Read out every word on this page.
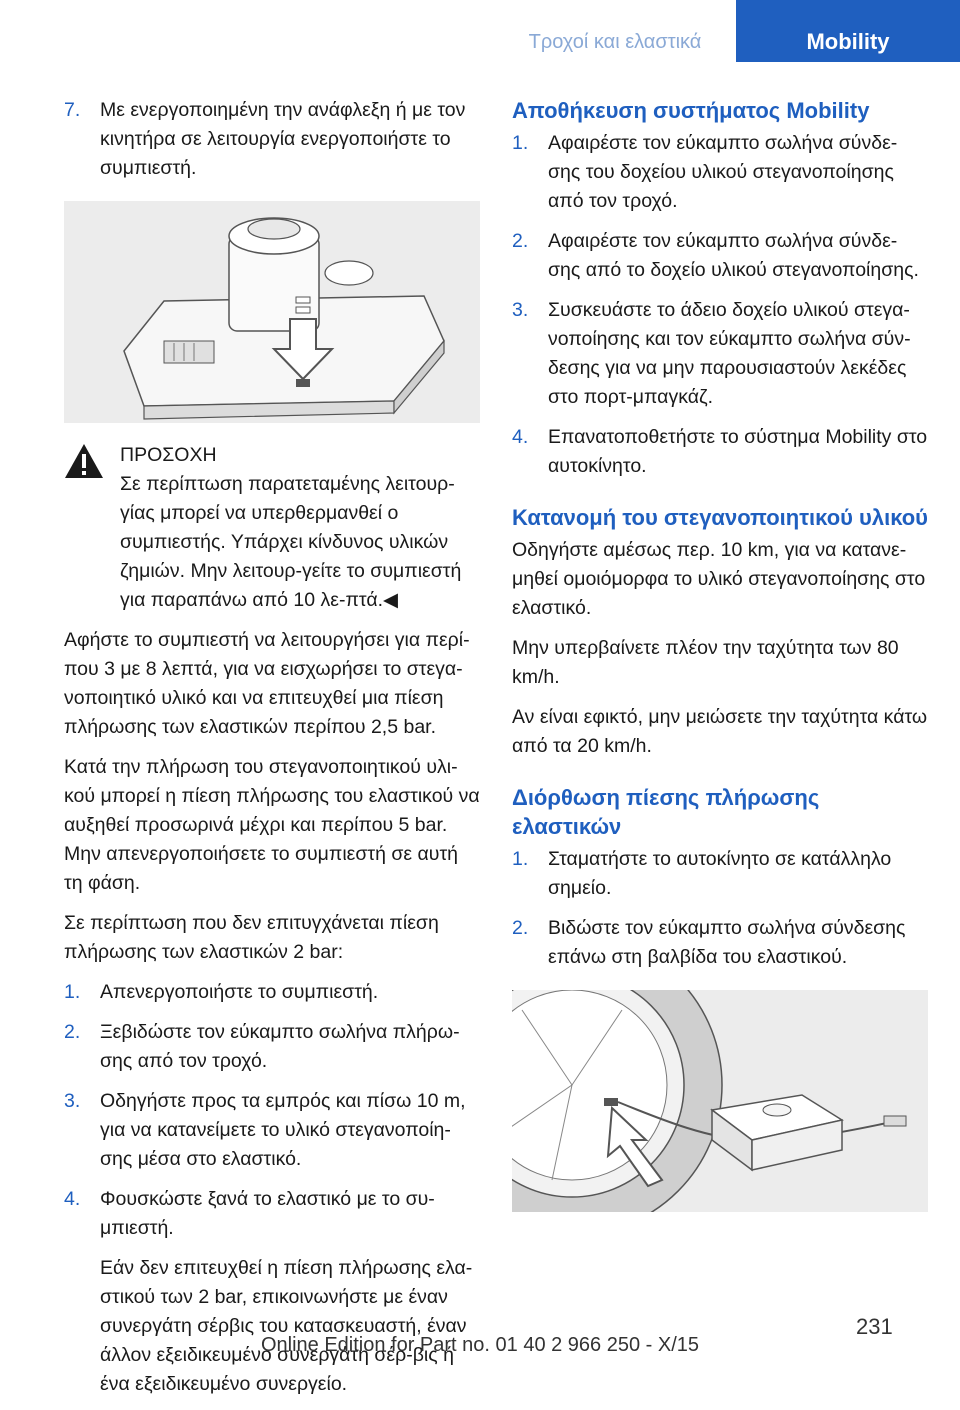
Τροχοί και ελαστικά	Mobility
7. Με ενεργοποιημένη την ανάφλεξη ή με τον κινητήρα σε λειτουργία ενεργοποιήστε το συμπιεστή.
ΠΡΟΣΟΧΗ
Σε περίπτωση παρατεταμένης λειτουρ‐γίας μπορεί να υπερθερμανθεί ο συμπιεστής. Υπάρχει κίνδυνος υλικών ζημιών. Μην λειτουρ‐γείτε το συμπιεστή για παραπάνω από 10 λε‐πτά.◀

Αφήστε το συμπιεστή να λειτουργήσει για περί‐που 3 με 8 λεπτά, για να εισχωρήσει το στεγα‐νοποιητικό υλικό και να επιτευχθεί μια πίεση πλήρωσης των ελαστικών περίπου 2,5 bar.

Κατά την πλήρωση του στεγανοποιητικού υλι‐κού μπορεί η πίεση πλήρωσης του ελαστικού να αυξηθεί προσωρινά μέχρι και περίπου 5 bar. Μην απενεργοποιήσετε το συμπιεστή σε αυτή τη φάση.

Σε περίπτωση που δεν επιτυγχάνεται πίεση πλήρωσης των ελαστικών 2 bar:

1. Απενεργοποιήστε το συμπιεστή.
2. Ξεβιδώστε τον εύκαμπτο σωλήνα πλήρω‐σης από τον τροχό.
3. Οδηγήστε προς τα εμπρός και πίσω 10 m, για να κατανείμετε το υλικό στεγανοποίη‐σης μέσα στο ελαστικό.
4. Φουσκώστε ξανά το ελαστικό με το συ‐μπιεστή.
Εάν δεν επιτευχθεί η πίεση πλήρωσης ελα‐στικού των 2 bar, επικοινωνήστε με έναν συνεργάτη σέρβις του κατασκευαστή, έναν άλλον εξειδικευμένο συνεργάτη σέρ‐βις ή ένα εξειδικευμένο συνεργείο.
Αποθήκευση συστήματος Mobility
1. Αφαιρέστε τον εύκαμπτο σωλήνα σύνδε‐σης του δοχείου υλικού στεγανοποίησης από τον τροχό.
2. Αφαιρέστε τον εύκαμπτο σωλήνα σύνδε‐σης από το δοχείο υλικού στεγανοποίησης.
3. Συσκευάστε το άδειο δοχείο υλικού στεγα‐νοποίησης και τον εύκαμπτο σωλήνα σύν‐δεσης για να μην παρουσιαστούν λεκέδες στο πορτ-μπαγκάζ.
4. Επανατοποθετήστε το σύστημα Mobility στο αυτοκίνητο.
Κατανομή του στεγανοποιητικού υλικού

Οδηγήστε αμέσως περ. 10 km, για να κατανε‐μηθεί ομοιόμορφα το υλικό στεγανοποίησης στο ελαστικό.

Μην υπερβαίνετε πλέον την ταχύτητα των 80 km/h.

Αν είναι εφικτό, μην μειώσετε την ταχύτητα κάτω από τα 20 km/h.

Διόρθωση πίεσης πλήρωσης ελαστικών
1. Σταματήστε το αυτοκίνητο σε κατάλληλο σημείο.
2. Βιδώστε τον εύκαμπτο σωλήνα σύνδεσης επάνω στη βαλβίδα του ελαστικού.
231
Online Edition for Part no. 01 40 2 966 250 - X/15
